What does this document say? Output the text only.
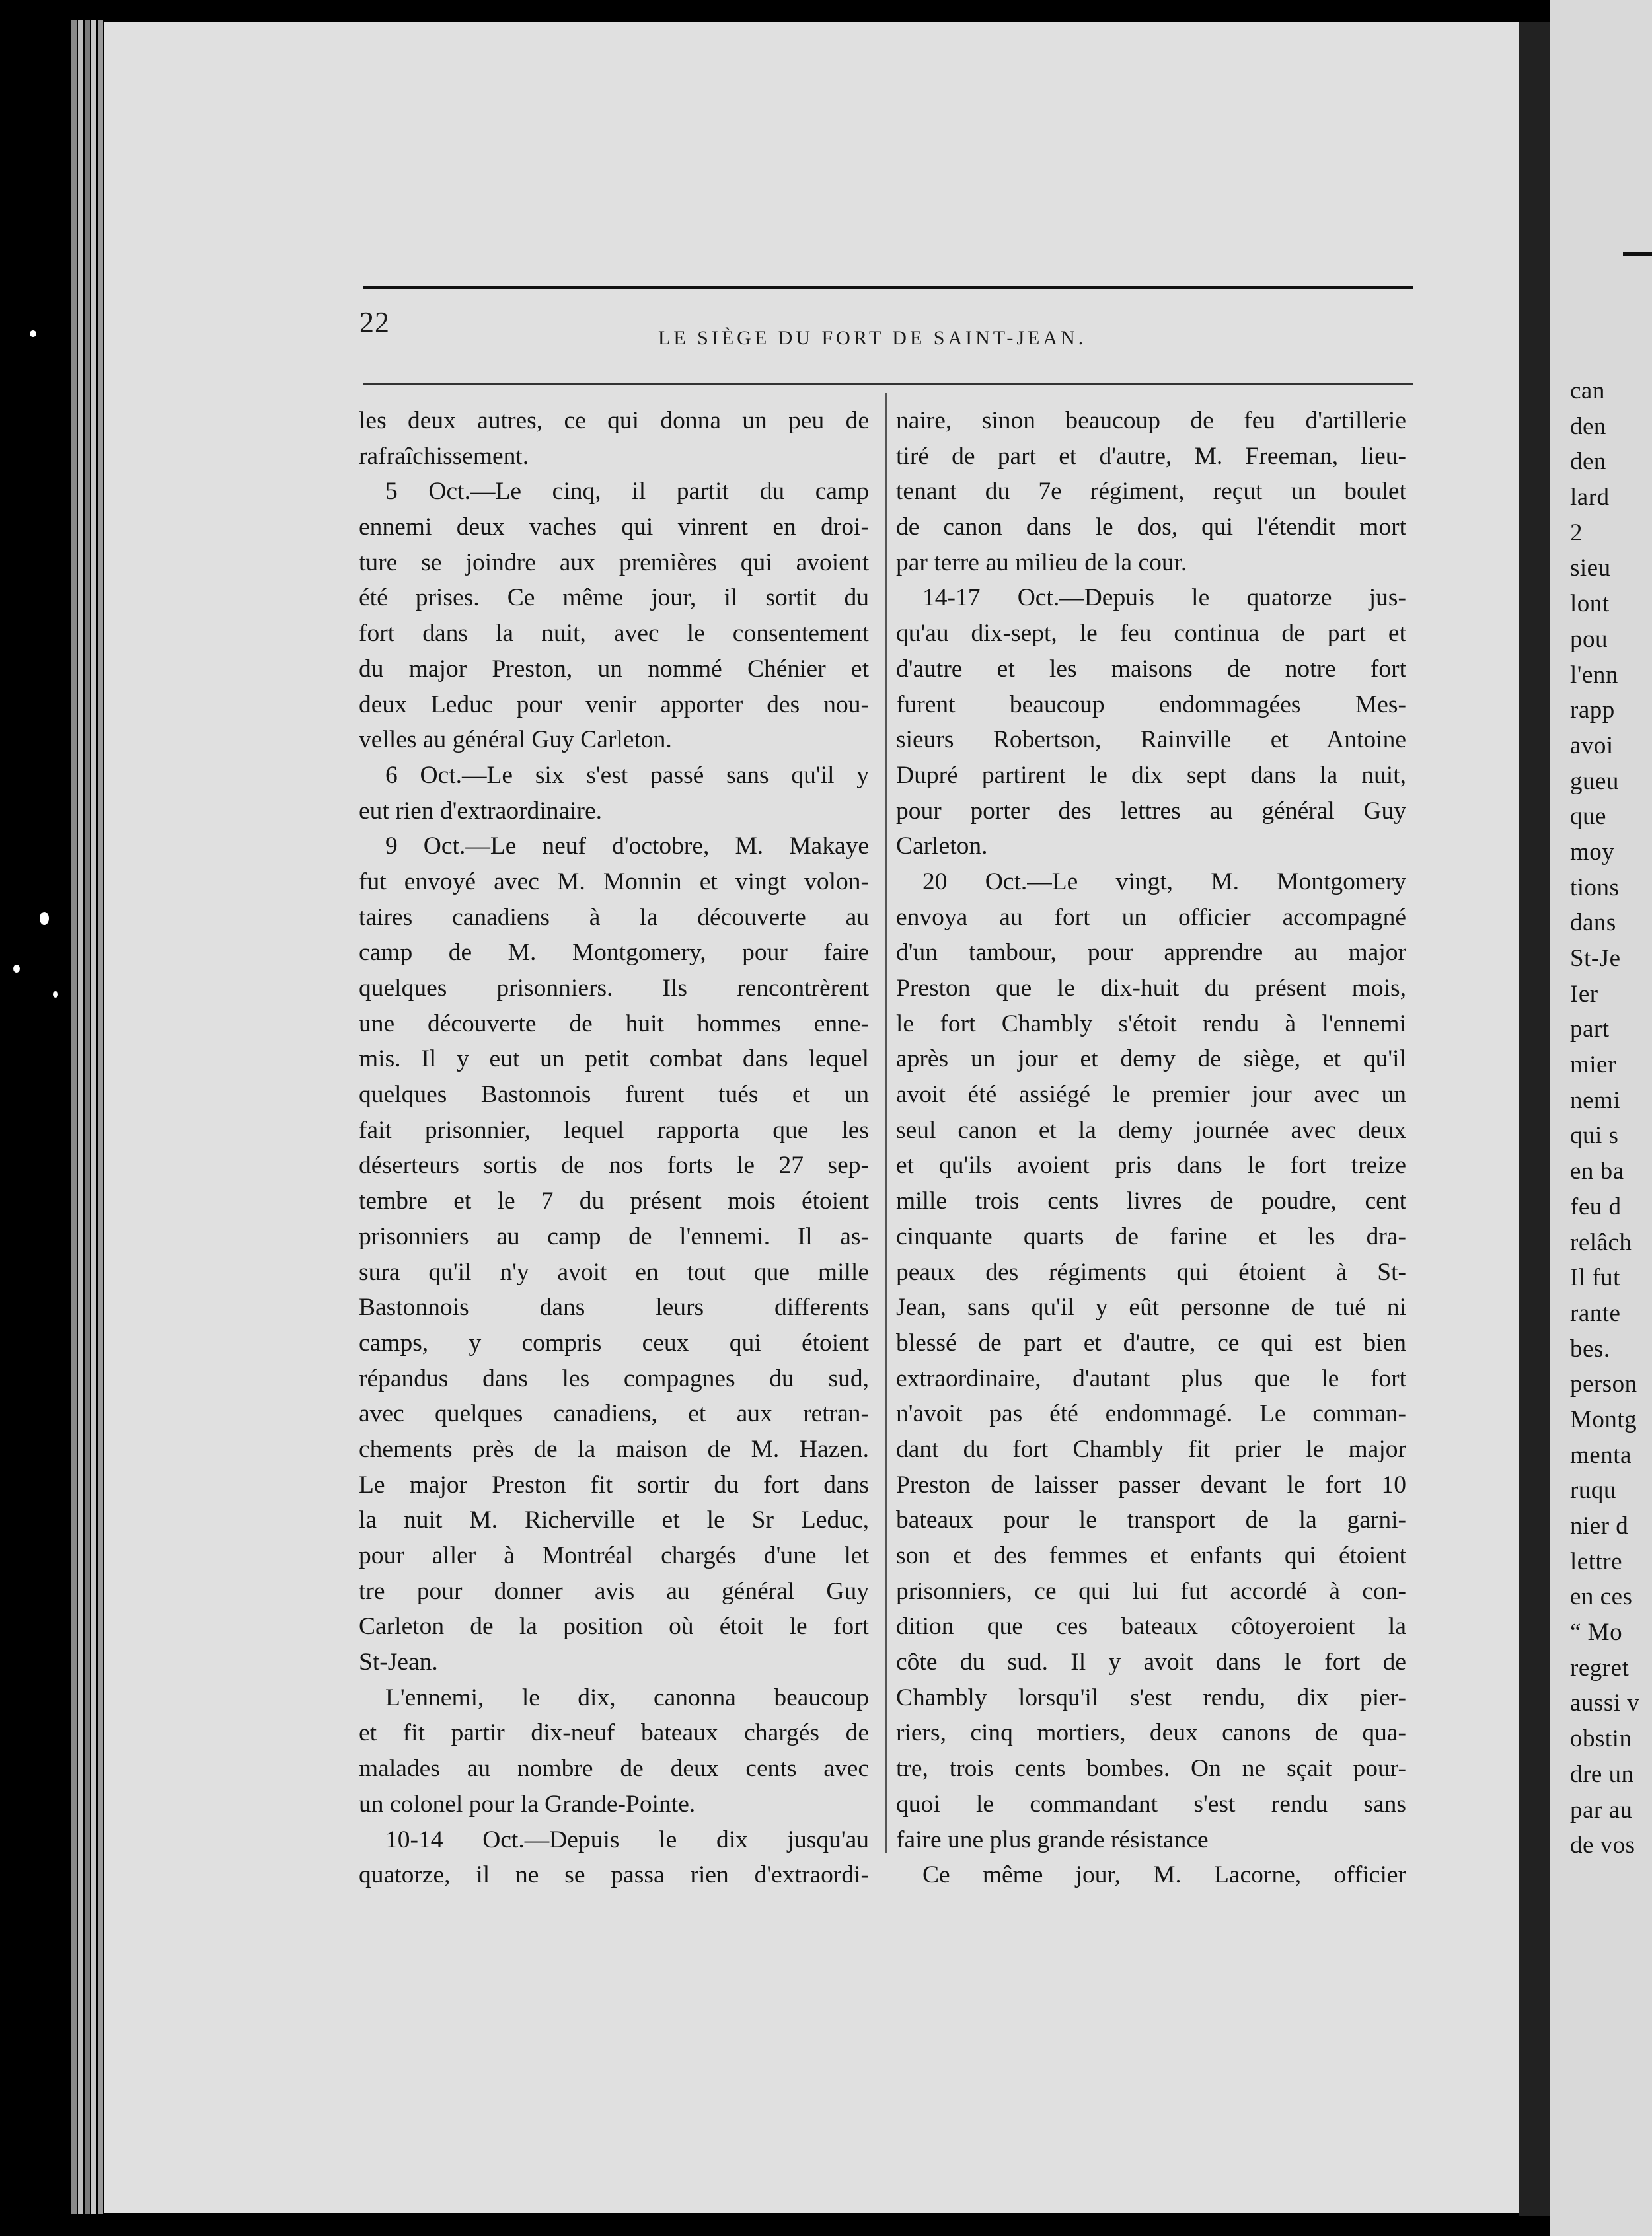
can
den
den
lard
2
sieu
lont
pou
l'enn
rapp
avoi
gueu
que
moy
tions
dans
St-Je
Ier
part
mier
nemi
qui s
en ba
feu d
relâch
Il fut
rante
bes.
person
Montg
menta
ruqu
nier d
lettre
en ces
“ Mo
regret
aussi v
obstin
dre un
par au
de vos
22	LE SIÈGE DU FORT DE SAINT-JEAN.
les deux autres, ce qui donna un peu de
rafraîchissement.
5 Oct.—Le cinq, il partit du camp
ennemi deux vaches qui vinrent en droi-
ture se joindre aux premières qui avoient
été prises. Ce même jour, il sortit du
fort dans la nuit, avec le consentement
du major Preston, un nommé Chénier et
deux Leduc pour venir apporter des nou-
velles au général Guy Carleton.
6 Oct.—Le six s'est passé sans qu'il y
eut rien d'extraordinaire.
9 Oct.—Le neuf d'octobre, M. Makaye
fut envoyé avec M. Monnin et vingt volon-
taires canadiens à la découverte au
camp de M. Montgomery, pour faire
quelques prisonniers. Ils rencontrèrent
une découverte de huit hommes enne-
mis. Il y eut un petit combat dans lequel
quelques Bastonnois furent tués et un
fait prisonnier, lequel rapporta que les
déserteurs sortis de nos forts le 27 sep-
tembre et le 7 du présent mois étoient
prisonniers au camp de l'ennemi. Il as-
sura qu'il n'y avoit en tout que mille
Bastonnois dans leurs differents
camps, y compris ceux qui étoient
répandus dans les compagnes du sud,
avec quelques canadiens, et aux retran-
chements près de la maison de M. Hazen.
Le major Preston fit sortir du fort dans
la nuit M. Richerville et le Sr Leduc,
pour aller à Montréal chargés d'une let
tre pour donner avis au général Guy
Carleton de la position où étoit le fort
St-Jean.
L'ennemi, le dix, canonna beaucoup
et fit partir dix-neuf bateaux chargés de
malades au nombre de deux cents avec
un colonel pour la Grande-Pointe.
10-14 Oct.—Depuis le dix jusqu'au
quatorze, il ne se passa rien d'extraordi-
naire, sinon beaucoup de feu d'artillerie
tiré de part et d'autre, M. Freeman, lieu-
tenant du 7e régiment, reçut un boulet
de canon dans le dos, qui l'étendit mort
par terre au milieu de la cour.
14-17 Oct.—Depuis le quatorze jus-
qu'au dix-sept, le feu continua de part et
d'autre et les maisons de notre fort
furent beaucoup endommagées Mes-
sieurs Robertson, Rainville et Antoine
Dupré partirent le dix sept dans la nuit,
pour porter des lettres au général Guy
Carleton.
20 Oct.—Le vingt, M. Montgomery
envoya au fort un officier accompagné
d'un tambour, pour apprendre au major
Preston que le dix-huit du présent mois,
le fort Chambly s'étoit rendu à l'ennemi
après un jour et demy de siège, et qu'il
avoit été assiégé le premier jour avec un
seul canon et la demy journée avec deux
et qu'ils avoient pris dans le fort treize
mille trois cents livres de poudre, cent
cinquante quarts de farine et les dra-
peaux des régiments qui étoient à St-
Jean, sans qu'il y eût personne de tué ni
blessé de part et d'autre, ce qui est bien
extraordinaire, d'autant plus que le fort
n'avoit pas été endommagé. Le comman-
dant du fort Chambly fit prier le major
Preston de laisser passer devant le fort 10
bateaux pour le transport de la garni-
son et des femmes et enfants qui étoient
prisonniers, ce qui lui fut accordé à con-
dition que ces bateaux côtoyeroient la
côte du sud. Il y avoit dans le fort de
Chambly lorsqu'il s'est rendu, dix pier-
riers, cinq mortiers, deux canons de qua-
tre, trois cents bombes. On ne sçait pour-
quoi le commandant s'est rendu sans
faire une plus grande résistance
Ce même jour, M. Lacorne, officier
